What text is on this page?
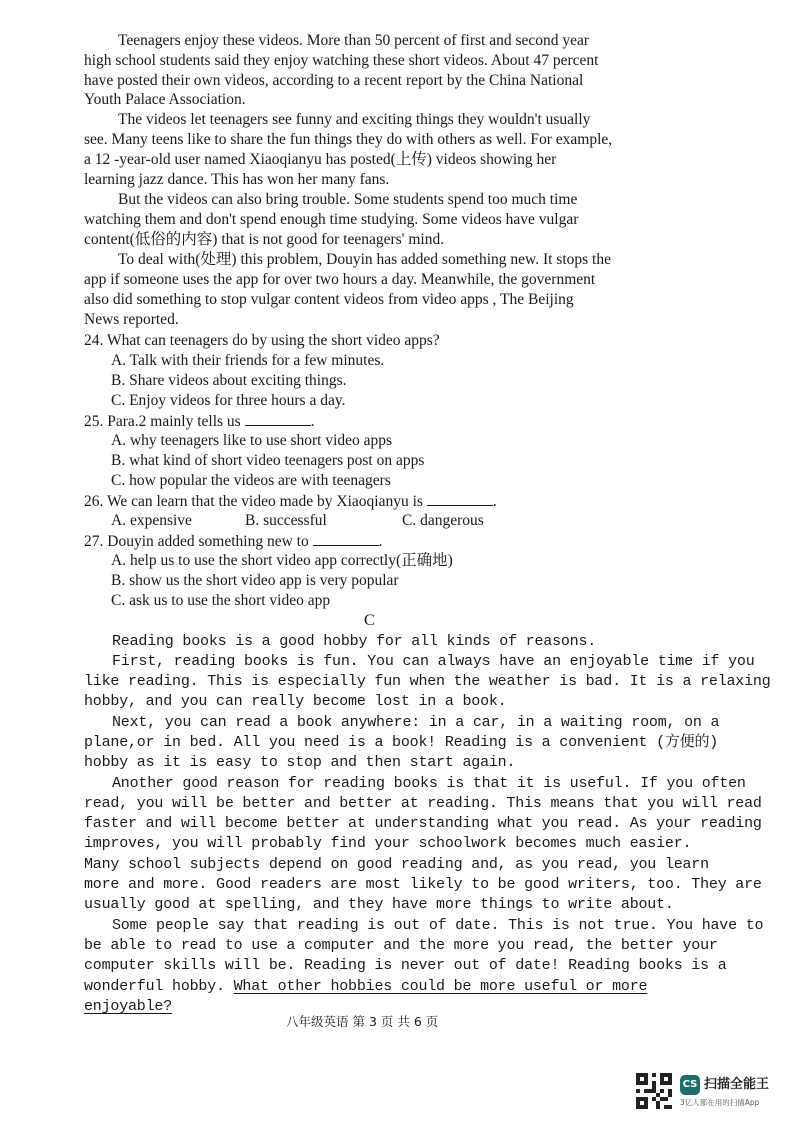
Teenagers enjoy these videos. More than 50 percent of first and second year
high school students said they enjoy watching these short videos. About 47 percent
have posted their own videos, according to a recent report by the China National
Youth Palace Association.
The videos let teenagers see funny and exciting things they wouldn't usually
see. Many teens like to share the fun things they do with others as well. For example,
a 12 -year-old user named Xiaoqianyu has posted(上传) videos showing her
learning jazz dance. This has won her many fans.
But the videos can also bring trouble. Some students spend too much time
watching them and don't spend enough time studying. Some videos have vulgar
content(低俗的内容) that is not good for teenagers' mind.
To deal with(处理) this problem, Douyin has added something new. It stops the
app if someone uses the app for over two hours a day. Meanwhile, the government
also did something to stop vulgar content videos from video apps , The Beijing
News reported.
24. What can teenagers do by using the short video apps?
A. Talk with their friends for a few minutes.
B. Share videos about exciting things.
C. Enjoy videos for three hours a day.
25. Para.2 mainly tells us	.
A. why teenagers like to use short video apps
B. what kind of short video teenagers post on apps
C. how popular the videos are with teenagers
26. We can learn that the video made by Xiaoqianyu is	.
A. expensive	B. successful	C. dangerous
27. Douyin added something new to	.
A. help us to use the short video app correctly(正确地)
B. show us the short video app is very popular
C. ask us to use the short video app
C
Reading books is a good hobby for all kinds of reasons.
First, reading books is fun. You can always have an enjoyable time if you
like reading. This is especially fun when the weather is bad. It is a relaxing
hobby, and you can really become lost in a book.
Next, you can read a book anywhere: in a car, in a waiting room, on a
plane,or in bed. All you need is a book! Reading is a convenient (方便的)
hobby as it is easy to stop and then start again.
Another good reason for reading books is that it is useful. If you often
read, you will be better and better at reading. This means that you will read
faster and will become better at understanding what you read. As your reading
improves, you will probably find your schoolwork becomes much easier.
Many school subjects depend on good reading and, as you read, you learn
more and more. Good readers are most likely to be good writers, too. They are
usually good at spelling, and they have more things to write about.
Some people say that reading is out of date. This is not true. You have to
be able to read to use a computer and the more you read, the better your
computer skills will be. Reading is never out of date! Reading books is a
wonderful hobby. What other hobbies could be more useful or more
enjoyable?
八年级英语 第 3 页 共 6 页
CS 扫描全能王
3亿人都在用的扫描App
